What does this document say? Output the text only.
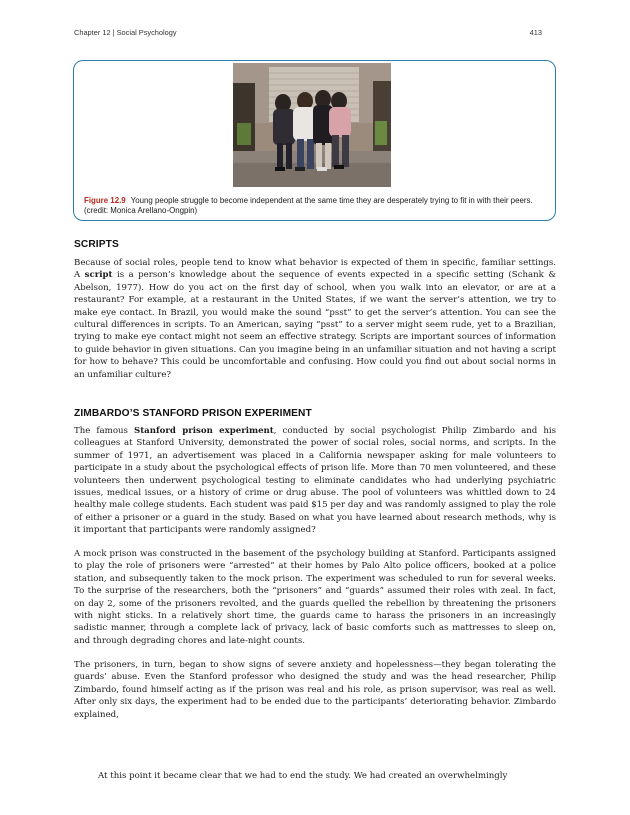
Chapter 12 | Social Psychology	413
Figure 12.9 Young people struggle to become independent at the same time they are desperately trying to fit in with their peers. (credit: Monica Arellano-Ongpin)
SCRIPTS

Because of social roles, people tend to know what behavior is expected of them in specific, familiar settings. A script is a person’s knowledge about the sequence of events expected in a specific setting (Schank & Abelson, 1977). How do you act on the first day of school, when you walk into an elevator, or are at a restaurant? For example, at a restaurant in the United States, if we want the server’s attention, we try to make eye contact. In Brazil, you would make the sound “psst” to get the server’s attention. You can see the cultural differences in scripts. To an American, saying “psst” to a server might seem rude, yet to a Brazilian, trying to make eye contact might not seem an effective strategy. Scripts are important sources of information to guide behavior in given situations. Can you imagine being in an unfamiliar situation and not having a script for how to behave? This could be uncomfortable and confusing. How could you find out about social norms in an unfamiliar culture?

ZIMBARDO’S STANFORD PRISON EXPERIMENT

The famous Stanford prison experiment, conducted by social psychologist Philip Zimbardo and his colleagues at Stanford University, demonstrated the power of social roles, social norms, and scripts. In the summer of 1971, an advertisement was placed in a California newspaper asking for male volunteers to participate in a study about the psychological effects of prison life. More than 70 men volunteered, and these volunteers then underwent psychological testing to eliminate candidates who had underlying psychiatric issues, medical issues, or a history of crime or drug abuse. The pool of volunteers was whittled down to 24 healthy male college students. Each student was paid $15 per day and was randomly assigned to play the role of either a prisoner or a guard in the study. Based on what you have learned about research methods, why is it important that participants were randomly assigned?

A mock prison was constructed in the basement of the psychology building at Stanford. Participants assigned to play the role of prisoners were “arrested” at their homes by Palo Alto police officers, booked at a police station, and subsequently taken to the mock prison. The experiment was scheduled to run for several weeks. To the surprise of the researchers, both the “prisoners” and “guards” assumed their roles with zeal. In fact, on day 2, some of the prisoners revolted, and the guards quelled the rebellion by threatening the prisoners with night sticks. In a relatively short time, the guards came to harass the prisoners in an increasingly sadistic manner, through a complete lack of privacy, lack of basic comforts such as mattresses to sleep on, and through degrading chores and late-night counts.

The prisoners, in turn, began to show signs of severe anxiety and hopelessness—they began tolerating the guards’ abuse. Even the Stanford professor who designed the study and was the head researcher, Philip Zimbardo, found himself acting as if the prison was real and his role, as prison supervisor, was real as well. After only six days, the experiment had to be ended due to the participants’ deteriorating behavior. Zimbardo explained,

At this point it became clear that we had to end the study. We had created an overwhelmingly
